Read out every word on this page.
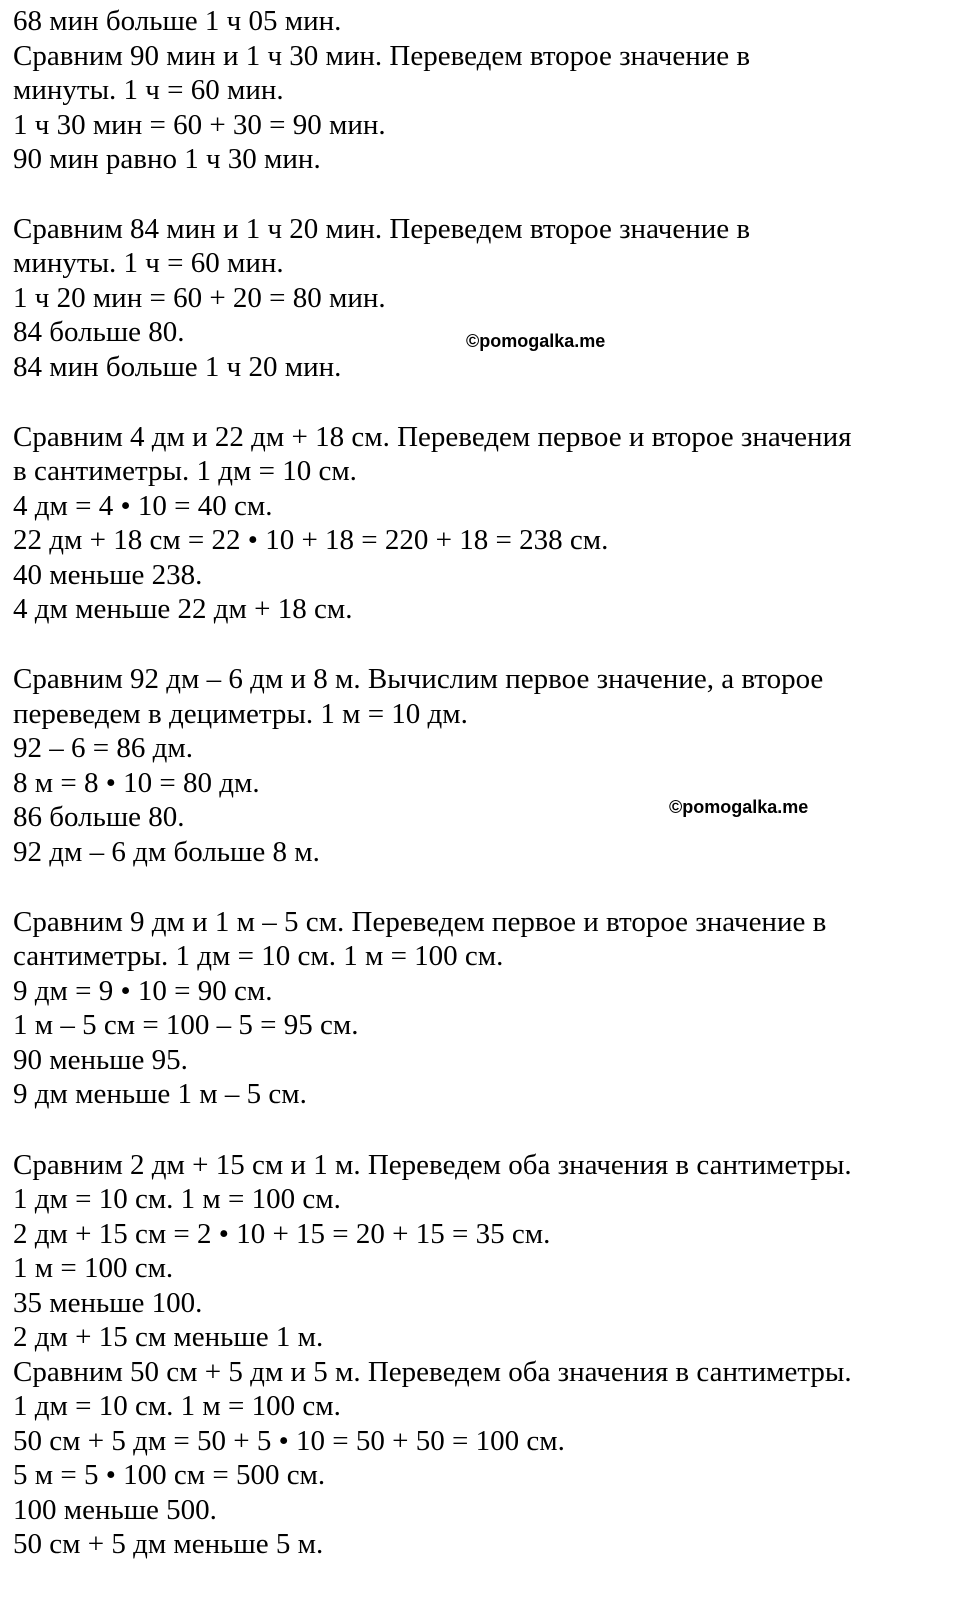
68 мин больше 1 ч 05 мин.

Сравним 90 мин и 1 ч 30 мин. Переведем второе значение в

минуты. 1 ч = 60 мин.

1 ч 30 мин = 60 + 30 = 90 мин.

90 мин равно 1 ч 30 мин.

Сравним 84 мин и 1 ч 20 мин. Переведем второе значение в

минуты. 1 ч = 60 мин.

1 ч 20 мин = 60 + 20 = 80 мин.

84 больше 80.

84 мин больше 1 ч 20 мин.

Сравним 4 дм и 22 дм + 18 см. Переведем первое и второе значения

в сантиметры. 1 дм = 10 см.

4 дм = 4 • 10 = 40 см.

22 дм + 18 см = 22 • 10 + 18 = 220 + 18 = 238 см.

40 меньше 238.

4 дм меньше 22 дм + 18 см.

Сравним 92 дм – 6 дм и 8 м. Вычислим первое значение, а второе

переведем в дециметры. 1 м = 10 дм.

92 – 6 = 86 дм.

8 м = 8 • 10 = 80 дм.

86 больше 80.

92 дм – 6 дм больше 8 м.

Сравним 9 дм и 1 м – 5 см. Переведем первое и второе значение в

сантиметры. 1 дм = 10 см. 1 м = 100 см.

9 дм = 9 • 10 = 90 см.

1 м – 5 см = 100 – 5 = 95 см.

90 меньше 95.

9 дм меньше 1 м – 5 см.

Сравним 2 дм + 15 см и 1 м. Переведем оба значения в сантиметры.

1 дм = 10 см. 1 м = 100 см.

2 дм + 15 см = 2 • 10 + 15 = 20 + 15 = 35 см.

1 м = 100 см.

35 меньше 100.

2 дм + 15 см меньше 1 м.

Сравним 50 см + 5 дм и 5 м. Переведем оба значения в сантиметры.

1 дм = 10 см. 1 м = 100 см.

50 см + 5 дм = 50 + 5 • 10 = 50 + 50 = 100 см.

5 м = 5 • 100 см = 500 см.

100 меньше 500.

50 см + 5 дм меньше 5 м.

©pomogalka.me
©pomogalka.me
